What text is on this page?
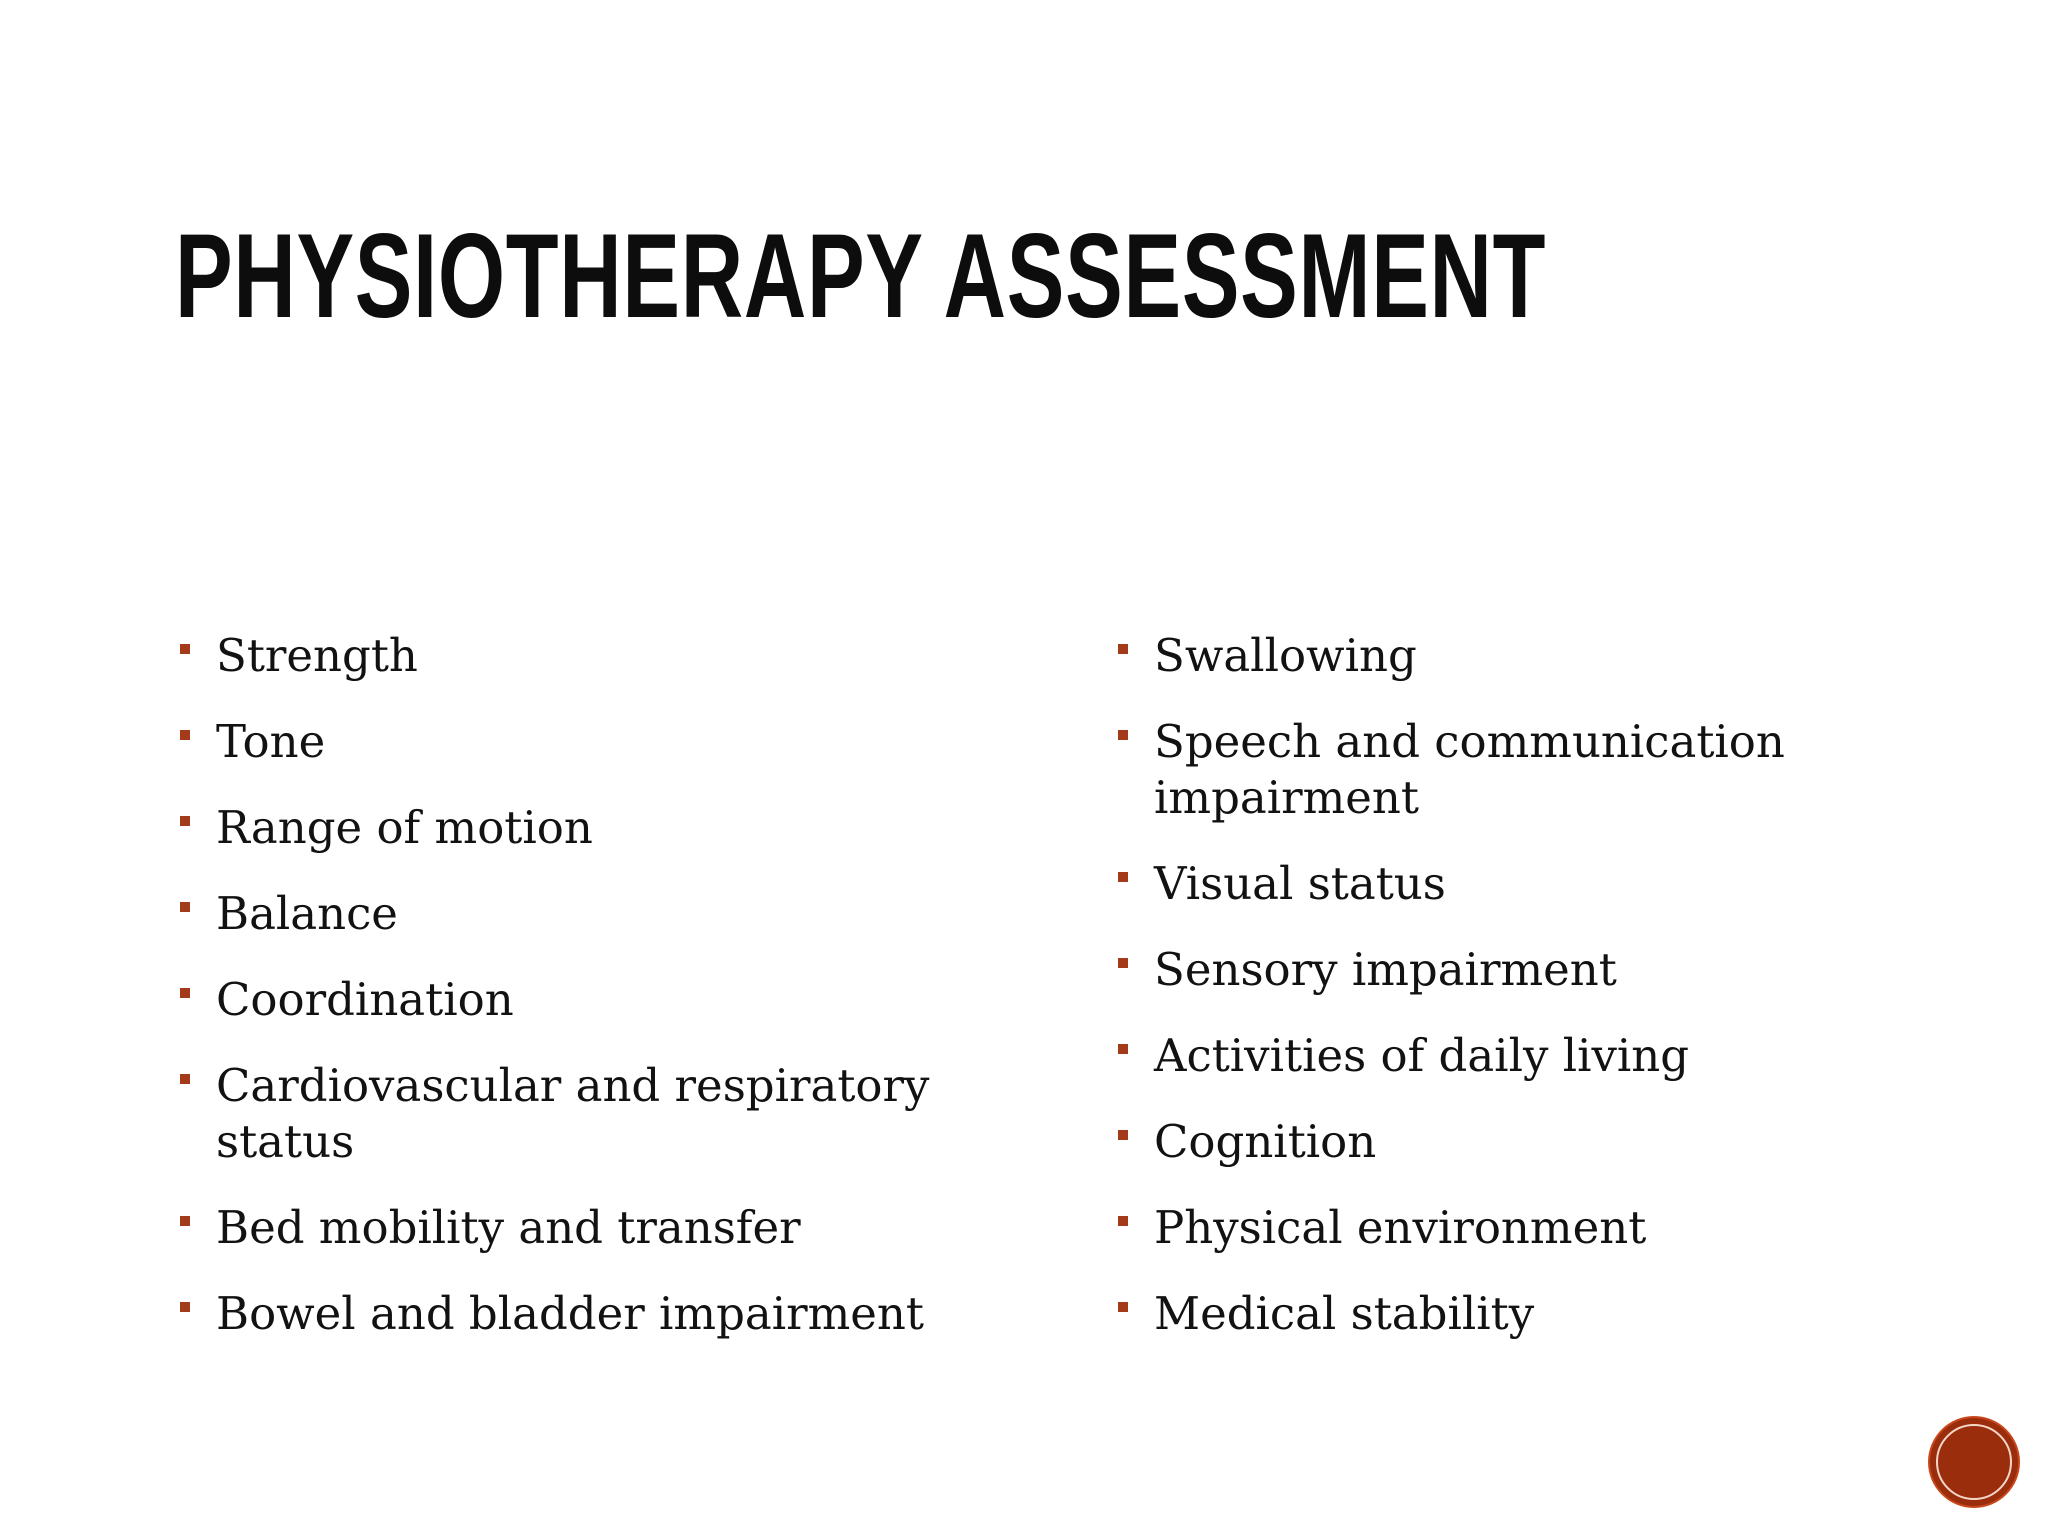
PHYSIOTHERAPY ASSESSMENT
Strength
Tone
Range of motion
Balance
Coordination
Cardiovascular and respiratory status
Bed mobility and transfer
Bowel and bladder impairment
Swallowing
Speech and communication impairment
Visual status
Sensory impairment
Activities of daily living
Cognition
Physical environment
Medical stability
